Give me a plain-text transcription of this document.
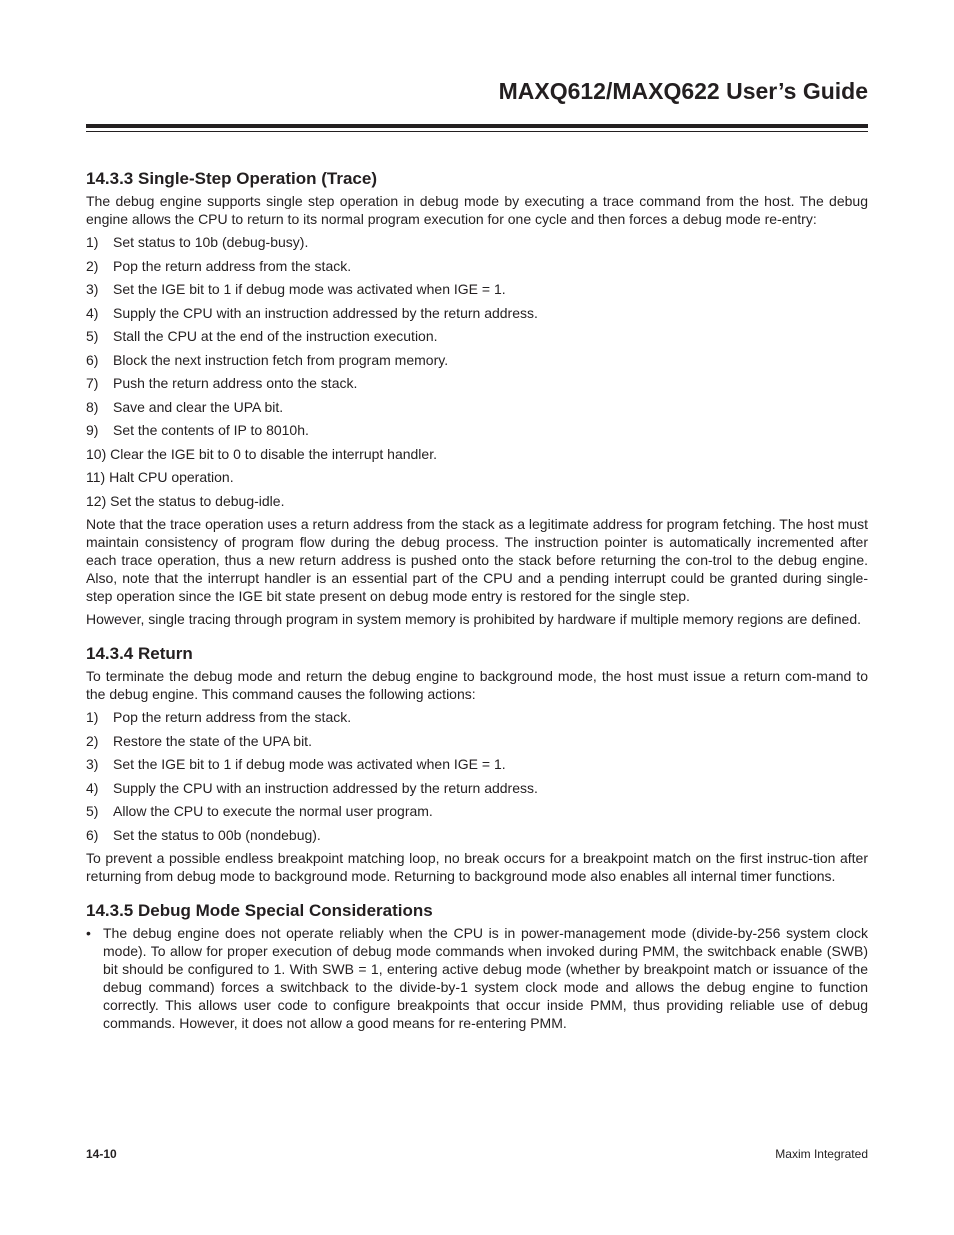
MAXQ612/MAXQ622 User’s Guide
14.3.3 Single-Step Operation (Trace)

The debug engine supports single step operation in debug mode by executing a trace command from the host. The debug engine allows the CPU to return to its normal program execution for one cycle and then forces a debug mode re-entry:

1) Set status to 10b (debug-busy).
2) Pop the return address from the stack.
3) Set the IGE bit to 1 if debug mode was activated when IGE = 1.
4) Supply the CPU with an instruction addressed by the return address.
5) Stall the CPU at the end of the instruction execution.
6) Block the next instruction fetch from program memory.
7) Push the return address onto the stack.
8) Save and clear the UPA bit.
9) Set the contents of IP to 8010h.
10) Clear the IGE bit to 0 to disable the interrupt handler.
11) Halt CPU operation.
12) Set the status to debug-idle.

Note that the trace operation uses a return address from the stack as a legitimate address for program fetching. The host must maintain consistency of program flow during the debug process. The instruction pointer is automatically incremented after each trace operation, thus a new return address is pushed onto the stack before returning the con-trol to the debug engine. Also, note that the interrupt handler is an essential part of the CPU and a pending interrupt could be granted during single-step operation since the IGE bit state present on debug mode entry is restored for the single step.

However, single tracing through program in system memory is prohibited by hardware if multiple memory regions are defined.

14.3.4 Return

To terminate the debug mode and return the debug engine to background mode, the host must issue a return com-mand to the debug engine. This command causes the following actions:

1) Pop the return address from the stack.
2) Restore the state of the UPA bit.
3) Set the IGE bit to 1 if debug mode was activated when IGE = 1.
4) Supply the CPU with an instruction addressed by the return address.
5) Allow the CPU to execute the normal user program.
6) Set the status to 00b (nondebug).

To prevent a possible endless breakpoint matching loop, no break occurs for a breakpoint match on the first instruc-tion after returning from debug mode to background mode. Returning to background mode also enables all internal timer functions.

14.3.5 Debug Mode Special Considerations
• The debug engine does not operate reliably when the CPU is in power-management mode (divide-by-256 system clock mode). To allow for proper execution of debug mode commands when invoked during PMM, the switchback enable (SWB) bit should be configured to 1. With SWB = 1, entering active debug mode (whether by breakpoint match or issuance of the debug command) forces a switchback to the divide-by-1 system clock mode and allows the debug engine to function correctly. This allows user code to configure breakpoints that occur inside PMM, thus providing reliable use of debug commands. However, it does not allow a good means for re-entering PMM.
14-10	Maxim Integrated
